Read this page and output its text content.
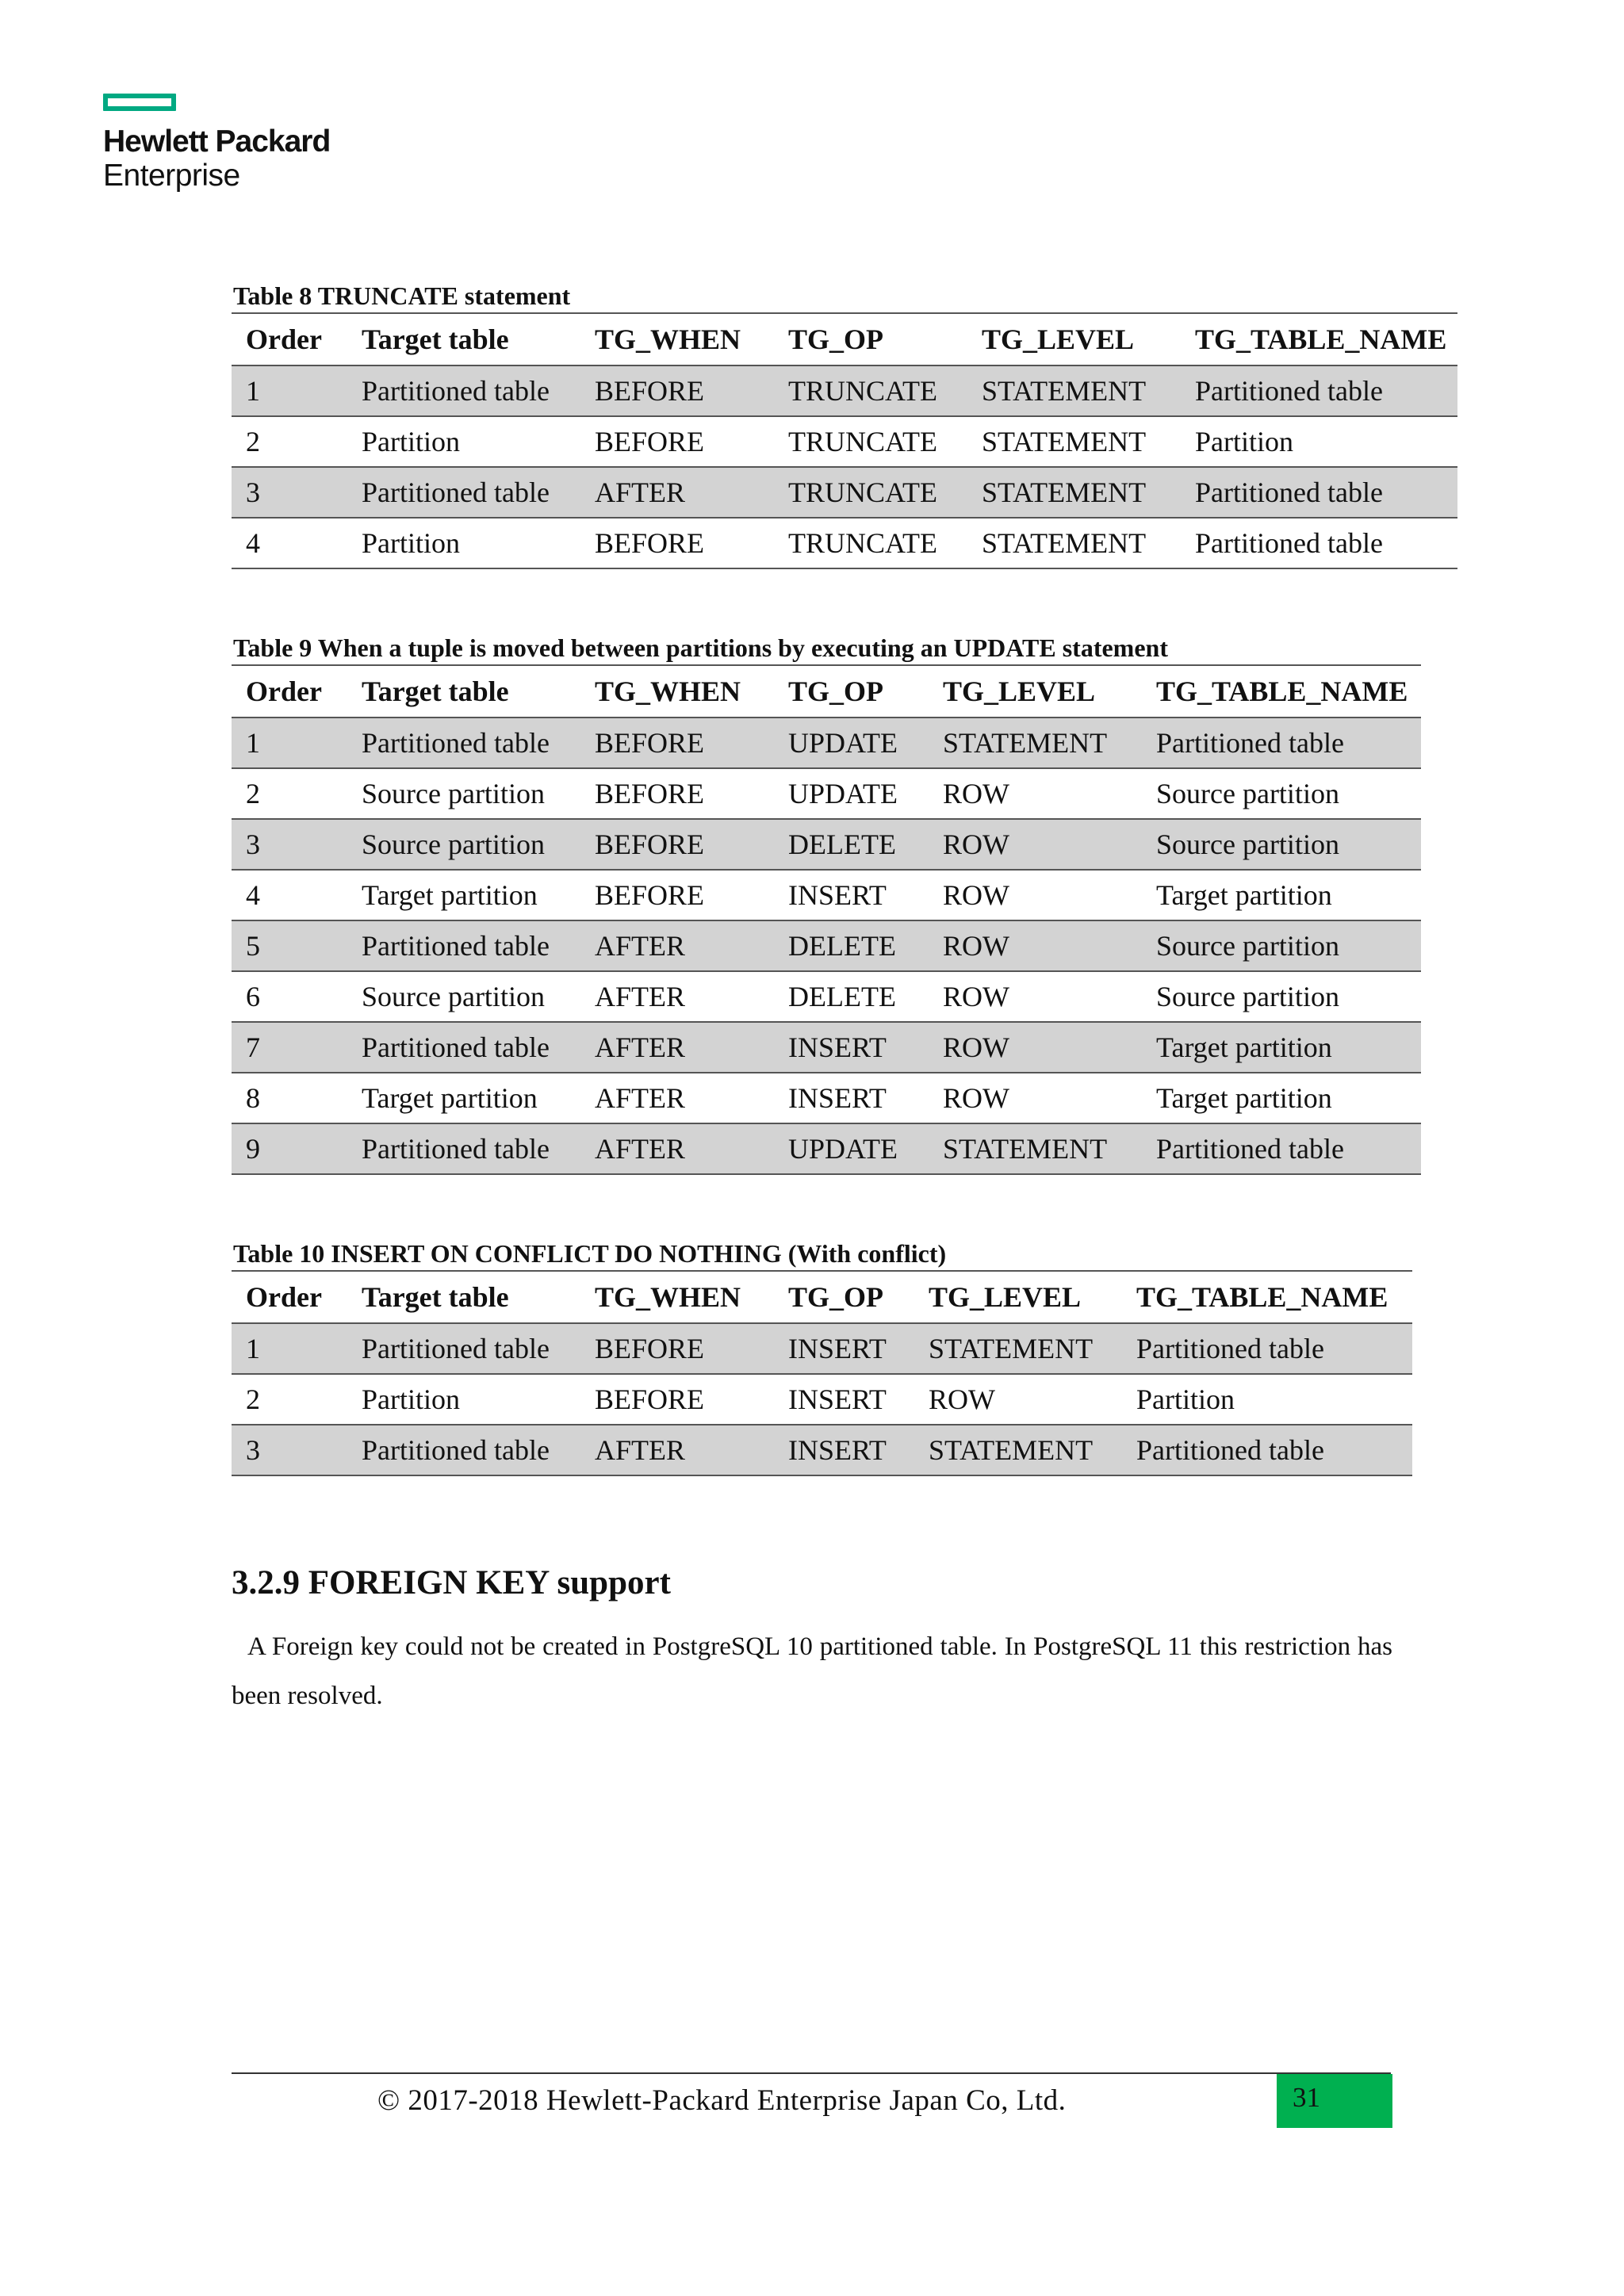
Hewlett Packard
Enterprise
Table 8 TRUNCATE statement
Order	Target table	TG_WHEN	TG_OP	TG_LEVEL	TG_TABLE_NAME
1	Partitioned table	BEFORE	TRUNCATE	STATEMENT	Partitioned table
2	Partition	BEFORE	TRUNCATE	STATEMENT	Partition
3	Partitioned table	AFTER	TRUNCATE	STATEMENT	Partitioned table
4	Partition	BEFORE	TRUNCATE	STATEMENT	Partitioned table
Table 9 When a tuple is moved between partitions by executing an UPDATE statement
Order	Target table	TG_WHEN	TG_OP	TG_LEVEL	TG_TABLE_NAME
1	Partitioned table	BEFORE	UPDATE	STATEMENT	Partitioned table
2	Source partition	BEFORE	UPDATE	ROW	Source partition
3	Source partition	BEFORE	DELETE	ROW	Source partition
4	Target partition	BEFORE	INSERT	ROW	Target partition
5	Partitioned table	AFTER	DELETE	ROW	Source partition
6	Source partition	AFTER	DELETE	ROW	Source partition
7	Partitioned table	AFTER	INSERT	ROW	Target partition
8	Target partition	AFTER	INSERT	ROW	Target partition
9	Partitioned table	AFTER	UPDATE	STATEMENT	Partitioned table
Table 10 INSERT ON CONFLICT DO NOTHING (With conflict)
Order	Target table	TG_WHEN	TG_OP	TG_LEVEL	TG_TABLE_NAME
1	Partitioned table	BEFORE	INSERT	STATEMENT	Partitioned table
2	Partition	BEFORE	INSERT	ROW	Partition
3	Partitioned table	AFTER	INSERT	STATEMENT	Partitioned table
3.2.9 FOREIGN KEY support
A Foreign key could not be created in PostgreSQL 10 partitioned table. In PostgreSQL 11 this restriction has been resolved.
© 2017-2018 Hewlett-Packard Enterprise Japan Co, Ltd.	31
